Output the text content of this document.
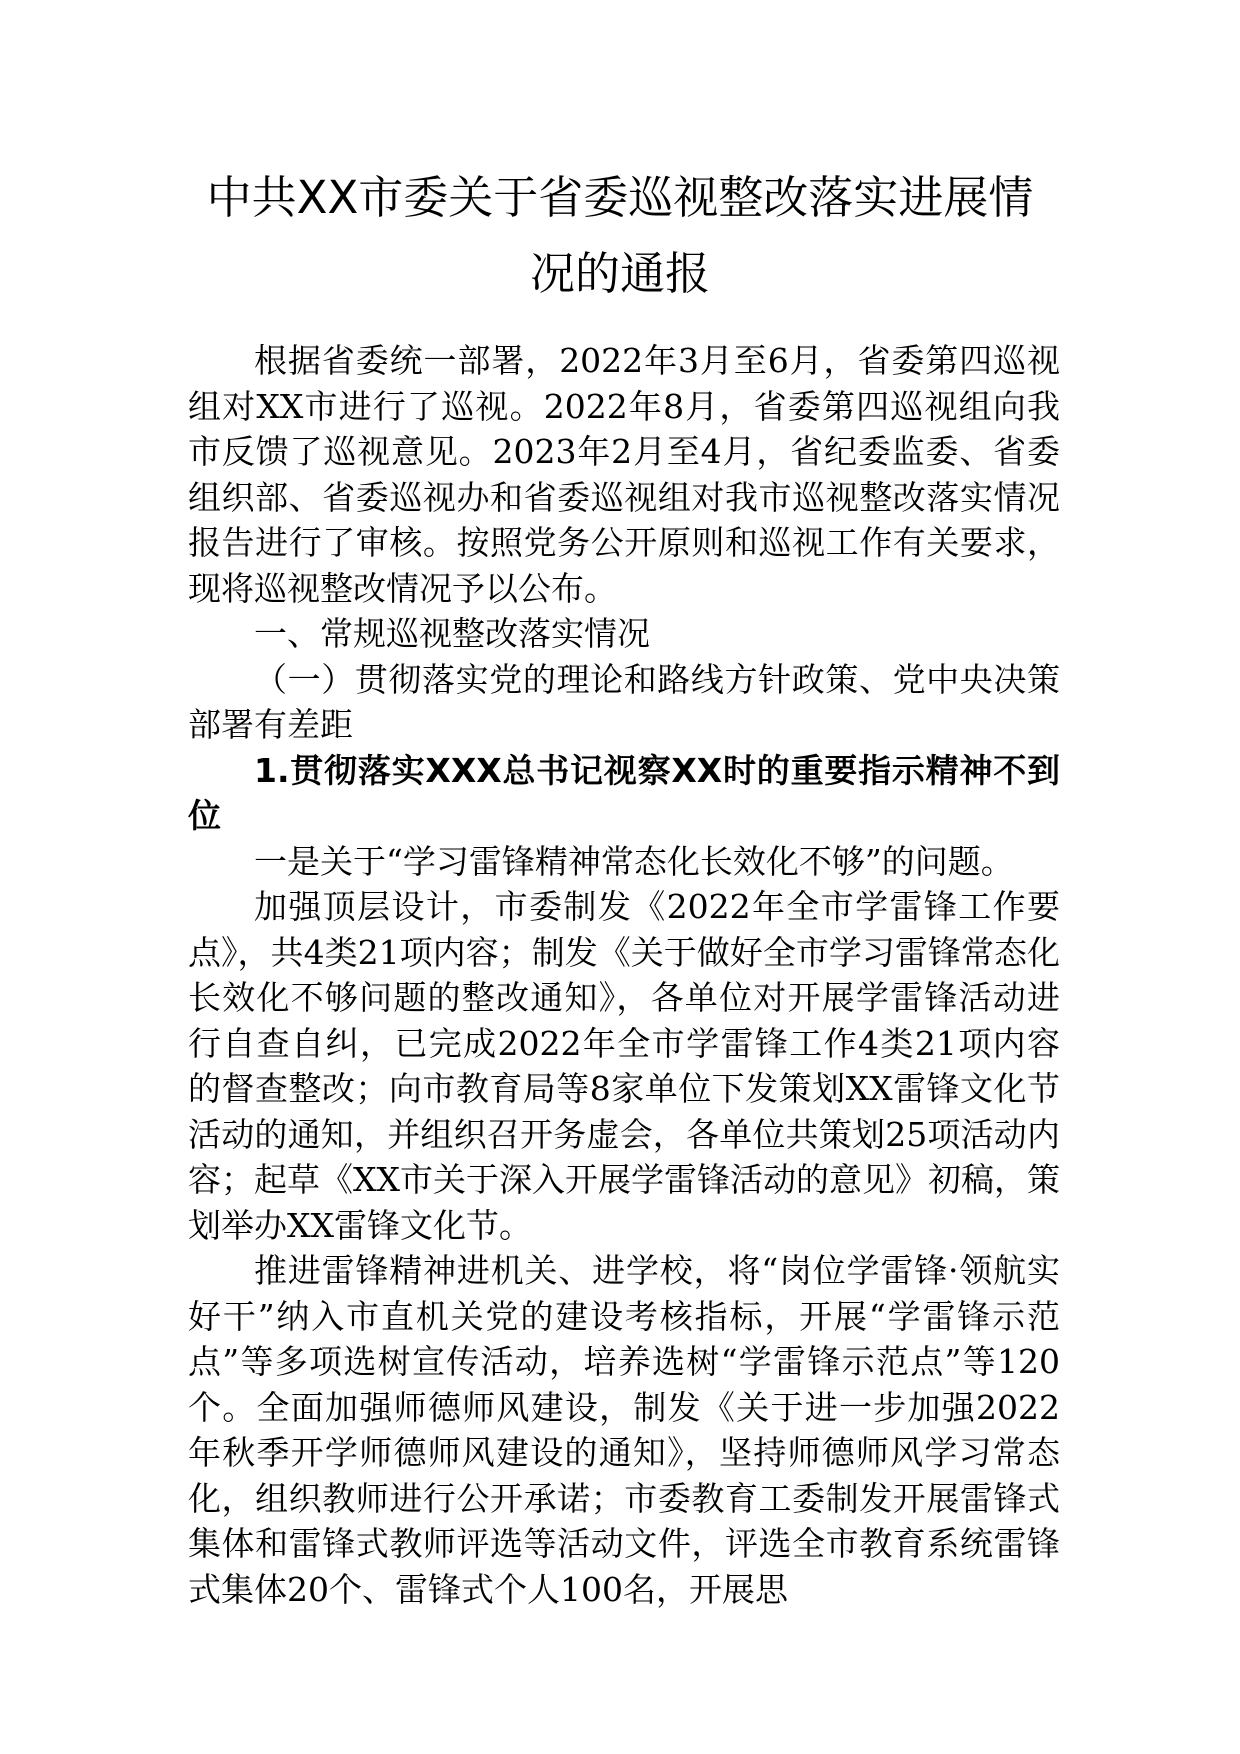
中共XX市委关于省委巡视整改落实进展情
况的通报

根据省委统一部署，2022年3月至6月，省委第四巡视组对XX市进行了巡视。2022年8月，省委第四巡视组向我市反馈了巡视意见。2023年2月至4月，省纪委监委、省委组织部、省委巡视办和省委巡视组对我市巡视整改落实情况报告进行了审核。按照党务公开原则和巡视工作有关要求，现将巡视整改情况予以公布。

一、常规巡视整改落实情况

（一）贯彻落实党的理论和路线方针政策、党中央决策部署有差距

1.贯彻落实XXX总书记视察XX时的重要指示精神不到位

一是关于“学习雷锋精神常态化长效化不够”的问题。

加强顶层设计，市委制发《2022年全市学雷锋工作要点》，共4类21项内容；制发《关于做好全市学习雷锋常态化长效化不够问题的整改通知》，各单位对开展学雷锋活动进行自查自纠，已完成2022年全市学雷锋工作4类21项内容的督查整改；向市教育局等8家单位下发策划XX雷锋文化节活动的通知，并组织召开务虚会，各单位共策划25项活动内容；起草《XX市关于深入开展学雷锋活动的意见》初稿，策划举办XX雷锋文化节。

推进雷锋精神进机关、进学校，将“岗位学雷锋·领航实好干”纳入市直机关党的建设考核指标，开展“学雷锋示范点”等多项选树宣传活动，培养选树“学雷锋示范点”等120个。全面加强师德师风建设，制发《关于进一步加强2022年秋季开学师德师风建设的通知》，坚持师德师风学习常态化，组织教师进行公开承诺；市委教育工委制发开展雷锋式集体和雷锋式教师评选等活动文件，评选全市教育系统雷锋式集体20个、雷锋式个人100名，开展思
